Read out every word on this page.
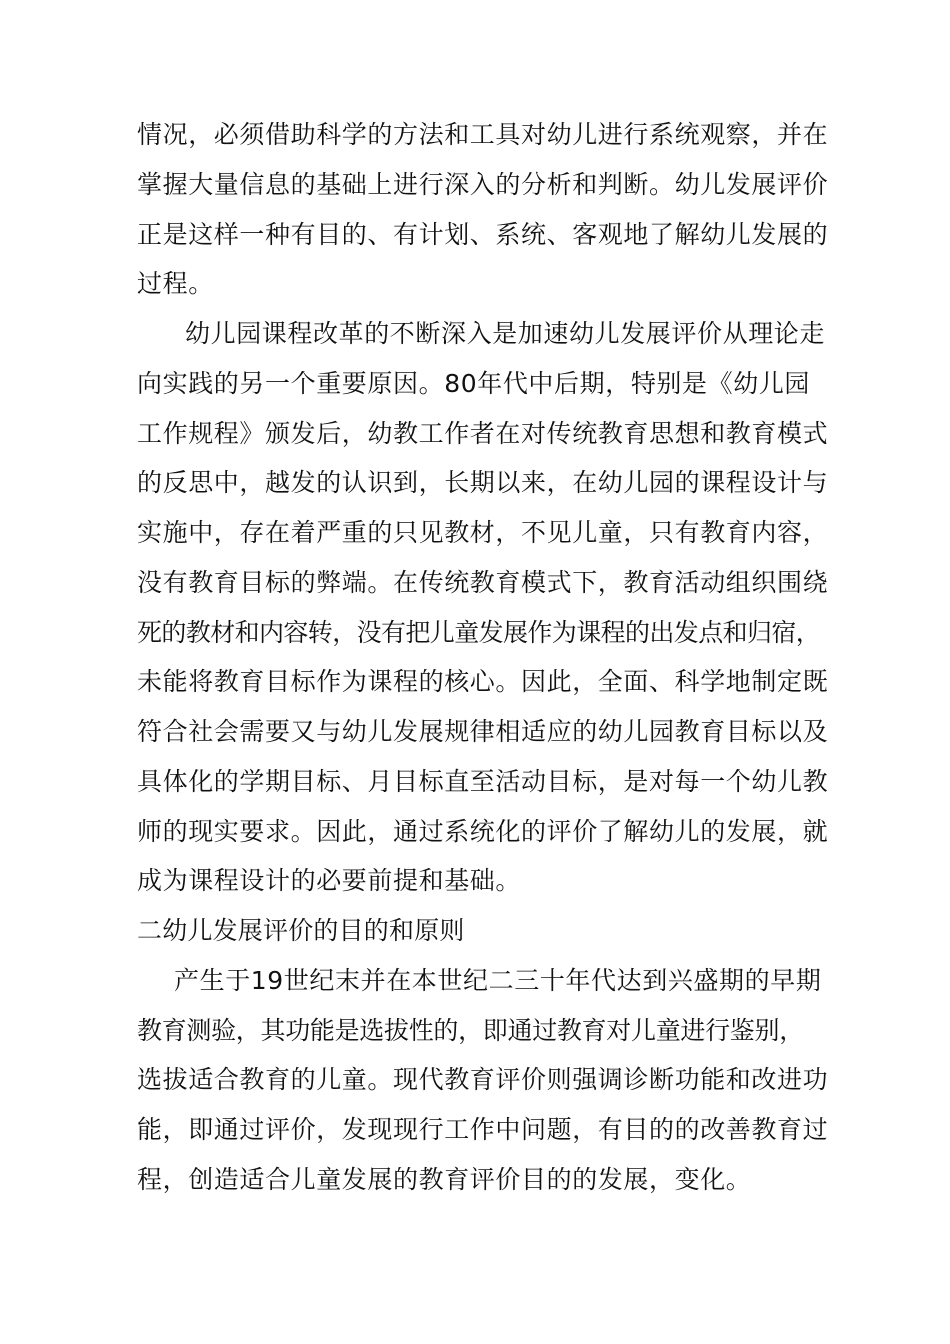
情况，必须借助科学的方法和工具对幼儿进行系统观察，并在
掌握大量信息的基础上进行深入的分析和判断。幼儿发展评价
正是这样一种有目的、有计划、系统、客观地了解幼儿发展的
过程。
幼儿园课程改革的不断深入是加速幼儿发展评价从理论走
向实践的另一个重要原因。80年代中后期，特别是《幼儿园
工作规程》颁发后，幼教工作者在对传统教育思想和教育模式
的反思中，越发的认识到，长期以来，在幼儿园的课程设计与
实施中，存在着严重的只见教材，不见儿童，只有教育内容，
没有教育目标的弊端。在传统教育模式下，教育活动组织围绕
死的教材和内容转，没有把儿童发展作为课程的出发点和归宿，
未能将教育目标作为课程的核心。因此，全面、科学地制定既
符合社会需要又与幼儿发展规律相适应的幼儿园教育目标以及
具体化的学期目标、月目标直至活动目标，是对每一个幼儿教
师的现实要求。因此，通过系统化的评价了解幼儿的发展，就
成为课程设计的必要前提和基础。
二幼儿发展评价的目的和原则
产生于19世纪末并在本世纪二三十年代达到兴盛期的早期
教育测验，其功能是选拔性的，即通过教育对儿童进行鉴别，
选拔适合教育的儿童。现代教育评价则强调诊断功能和改进功
能，即通过评价，发现现行工作中问题，有目的的改善教育过
程，创造适合儿童发展的教育评价目的的发展，变化。
